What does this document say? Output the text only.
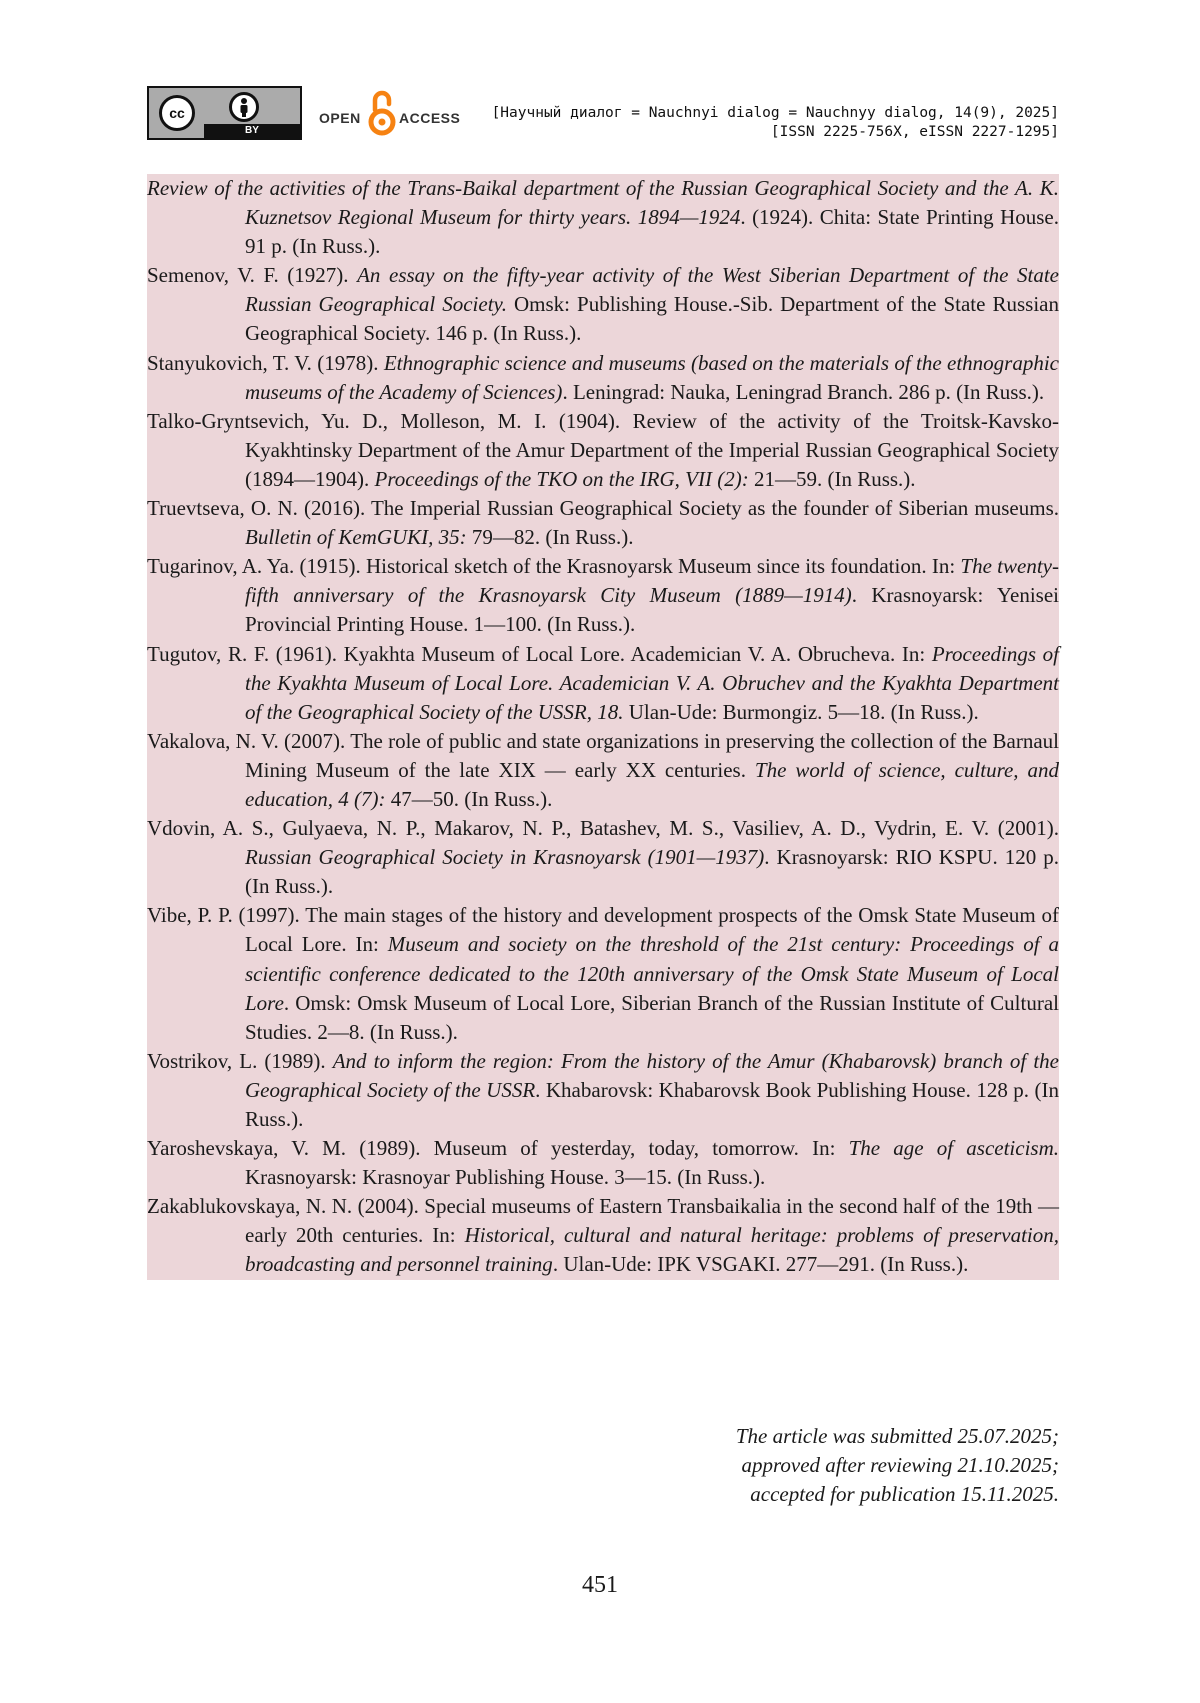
cc
BY
OPEN	ACCESS [Научный диалог = Nauchnyi dialog = Nauchnyy dialog, 14(9), 2025]
[ISSN 2225-756X, eISSN 2227-1295]
Review of the activities of the Trans-Baikal department of the Russian Geographical Society and the A. K. Kuznetsov Regional Museum for thirty years. 1894—1924. (1924). Chita: State Printing House. 91 p. (In Russ.).
Semenov, V. F. (1927). An essay on the fifty-year activity of the West Siberian Department of the State Russian Geographical Society. Omsk: Publishing House.-Sib. Department of the State Russian Geographical Society. 146 p. (In Russ.).
Stanyukovich, T. V. (1978). Ethnographic science and museums (based on the materials of the ethnographic museums of the Academy of Sciences). Leningrad: Nauka, Leningrad Branch. 286 p. (In Russ.).
Talko-Gryntsevich, Yu. D., Molleson, M. I. (1904). Review of the activity of the Troitsk-Kavsko-Kyakhtinsky Department of the Amur Department of the Imperial Russian Geographical Society (1894—1904). Proceedings of the TKO on the IRG, VII (2): 21—59. (In Russ.).
Truevtseva, O. N. (2016). The Imperial Russian Geographical Society as the founder of Siberian museums. Bulletin of KemGUKI, 35: 79—82. (In Russ.).
Tugarinov, A. Ya. (1915). Historical sketch of the Krasnoyarsk Museum since its foundation. In: The twenty-fifth anniversary of the Krasnoyarsk City Museum (1889—1914). Krasnoyarsk: Yenisei Provincial Printing House. 1—100. (In Russ.).
Tugutov, R. F. (1961). Kyakhta Museum of Local Lore. Academician V. A. Obrucheva. In: Proceedings of the Kyakhta Museum of Local Lore. Academician V. A. Obruchev and the Kyakhta Department of the Geographical Society of the USSR, 18. Ulan-Ude: Burmongiz. 5—18. (In Russ.).
Vakalova, N. V. (2007). The role of public and state organizations in preserving the collection of the Barnaul Mining Museum of the late XIX — early XX centuries. The world of science, culture, and education, 4 (7): 47—50. (In Russ.).
Vdovin, A. S., Gulyaeva, N. P., Makarov, N. P., Batashev, M. S., Vasiliev, A. D., Vydrin, E. V. (2001). Russian Geographical Society in Krasnoyarsk (1901—1937). Krasnoyarsk: RIO KSPU. 120 p. (In Russ.).
Vibe, P. P. (1997). The main stages of the history and development prospects of the Omsk State Museum of Local Lore. In: Museum and society on the threshold of the 21st century: Proceedings of a scientific conference dedicated to the 120th anniversary of the Omsk State Museum of Local Lore. Omsk: Omsk Museum of Local Lore, Siberian Branch of the Russian Institute of Cultural Studies. 2—8. (In Russ.).
Vostrikov, L. (1989). And to inform the region: From the history of the Amur (Khabarovsk) branch of the Geographical Society of the USSR. Khabarovsk: Khabarovsk Book Publishing House. 128 p. (In Russ.).
Yaroshevskaya, V. M. (1989). Museum of yesterday, today, tomorrow. In: The age of asceticism. Krasnoyarsk: Krasnoyar Publishing House. 3—15. (In Russ.).
Zakablukovskaya, N. N. (2004). Special museums of Eastern Transbaikalia in the second half of the 19th — early 20th centuries. In: Historical, cultural and natural heritage: problems of preservation, broadcasting and personnel training. Ulan-Ude: IPK VSGAKI. 277—291. (In Russ.).
The article was submitted 25.07.2025;
approved after reviewing 21.10.2025;
accepted for publication 15.11.2025.
451
